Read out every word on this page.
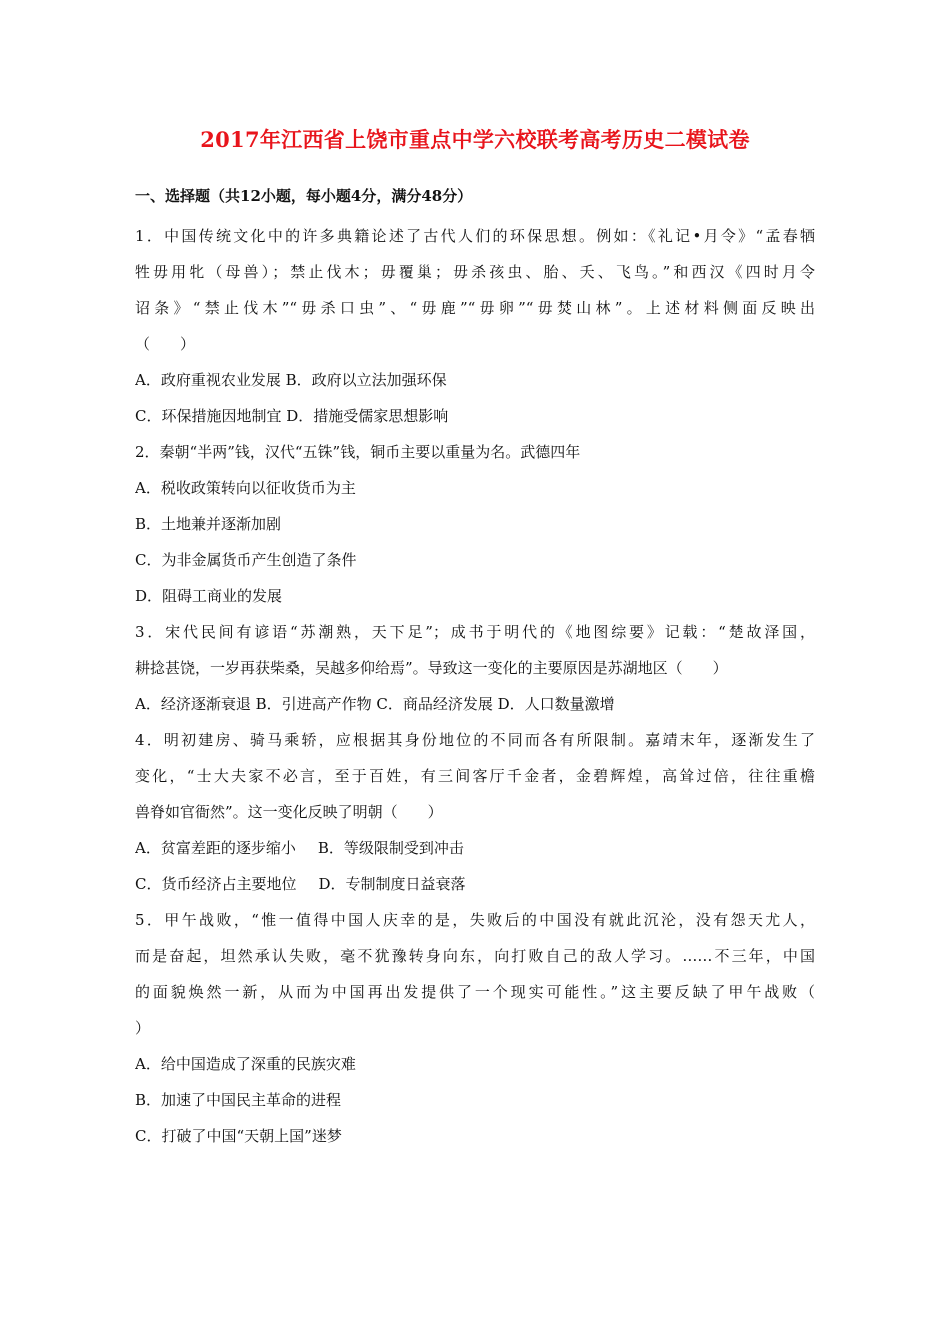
2017年江西省上饶市重点中学六校联考高考历史二模试卷
一、选择题（共12小题，每小题4分，满分48分）
1．中国传统文化中的许多典籍论述了古代人们的环保思想。例如：《礼记•月令》“孟春牺
牲毋用牝（母兽）；禁止伐木；毋覆巢；毋杀孩虫、胎、夭、飞鸟。”和西汉《四时月令
诏条》“禁止伐木”“毋杀口虫”、“毋鹿”“毋卵”“毋焚山林”。上述材料侧面反映出
（　　）
A．政府重视农业发展 B．政府以立法加强环保
C．环保措施因地制宜 D．措施受儒家思想影响
2．秦朝“半两”钱，汉代“五铢”钱，铜币主要以重量为名。武德四年
A．税收政策转向以征收货币为主
B．土地兼并逐渐加剧
C．为非金属货币产生创造了条件
D．阻碍工商业的发展
3．宋代民间有谚语“苏潮熟，天下足”；成书于明代的《地图综要》记载：“楚故泽国，
耕捻甚饶，一岁再获柴桑，吴越多仰给焉”。导致这一变化的主要原因是苏湖地区（　　）
A．经济逐渐衰退 B．引进高产作物 C．商品经济发展 D．人口数量激增
4．明初建房、骑马乘轿，应根据其身份地位的不同而各有所限制。嘉靖末年，逐渐发生了
变化，“士大夫家不必言，至于百姓，有三间客厅千金者，金碧辉煌，高耸过倍，往往重檐
兽脊如官衙然”。这一变化反映了明朝（　　）
A．贫富差距的逐步缩小 B．等级限制受到冲击
C．货币经济占主要地位 D．专制制度日益衰落
5．甲午战败，“惟一值得中国人庆幸的是，失败后的中国没有就此沉沦，没有怨天尤人，
而是奋起，坦然承认失败，毫不犹豫转身向东，向打败自己的敌人学习。……不三年，中国
的面貌焕然一新，从而为中国再出发提供了一个现实可能性。”这主要反缺了甲午战败（
）
A．给中国造成了深重的民族灾难
B．加速了中国民主革命的进程
C．打破了中国“天朝上国”迷梦
